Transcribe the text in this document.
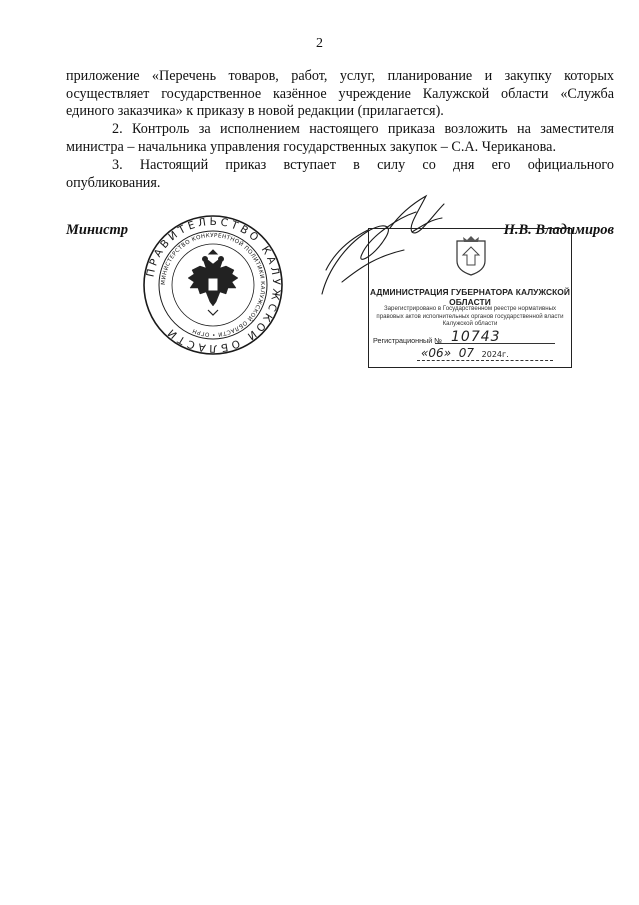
2
приложение «Перечень товаров, работ, услуг, планирование и закупку которых
осуществляет государственное казённое учреждение Калужской области «Служба
единого заказчика» к приказу в новой редакции (прилагается).
2. Контроль за исполнением настоящего приказа возложить на заместителя
министра – начальника управления государственных закупок – С.А. Чериканова.
3. Настоящий приказ вступает в силу со дня его официального
опубликования.
Министр	Н.В. Владимиров
ПРАВИТЕЛЬСТВО КАЛУЖСКОЙ ОБЛАСТИ
МИНИСТЕРСТВО КОНКУРЕНТНОЙ ПОЛИТИКИ КАЛУЖСКОЙ ОБЛАСТИ • ОГРН
АДМИНИСТРАЦИЯ ГУБЕРНАТОРА КАЛУЖСКОЙ ОБЛАСТИ
Зарегистрировано в Государственном реестре нормативных
правовых актов исполнительных органов государственной власти
Калужской области
Регистрационный № 10743
«06»  07 2024г.
